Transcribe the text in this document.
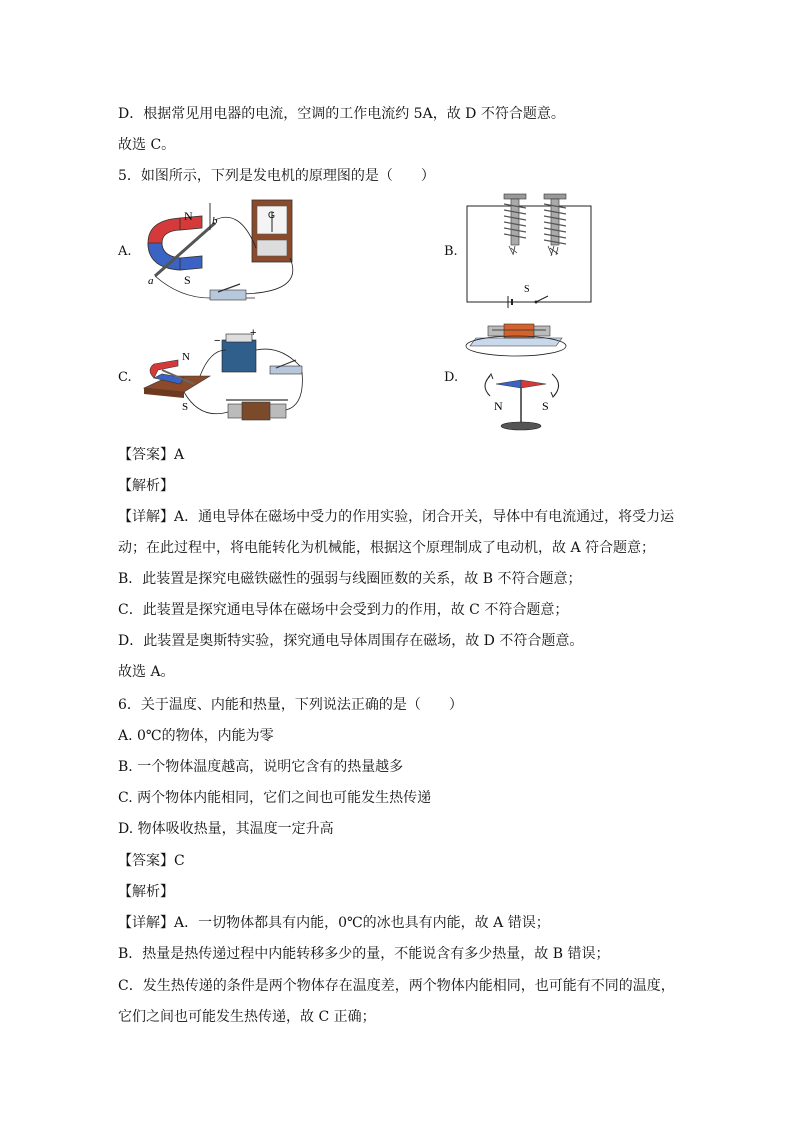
D．根据常见用电器的电流，空调的工作电流约 5A，故 D 不符合题意。
故选 C。
5．如图所示，下列是发电机的原理图的是（　　）
A.
N
S
b
a
G
B.
S
C.
N
S
−
+
D.
N	S
【答案】A
【解析】
【详解】A．通电导体在磁场中受力的作用实验，闭合开关，导体中有电流通过，将受力运
动；在此过程中，将电能转化为机械能，根据这个原理制成了电动机，故 A 符合题意；
B．此装置是探究电磁铁磁性的强弱与线圈匝数的关系，故 B 不符合题意；
C．此装置是探究通电导体在磁场中会受到力的作用，故 C 不符合题意；
D．此装置是奥斯特实验，探究通电导体周围存在磁场，故 D 不符合题意。
故选 A。
6．关于温度、内能和热量，下列说法正确的是（　　）
A. 0℃的物体，内能为零
B. 一个物体温度越高，说明它含有的热量越多
C. 两个物体内能相同，它们之间也可能发生热传递
D. 物体吸收热量，其温度一定升高
【答案】C
【解析】
【详解】A．一切物体都具有内能，0℃的冰也具有内能，故 A 错误；
B．热量是热传递过程中内能转移多少的量，不能说含有多少热量，故 B 错误；
C．发生热传递的条件是两个物体存在温度差，两个物体内能相同，也可能有不同的温度，
它们之间也可能发生热传递，故 C 正确；
